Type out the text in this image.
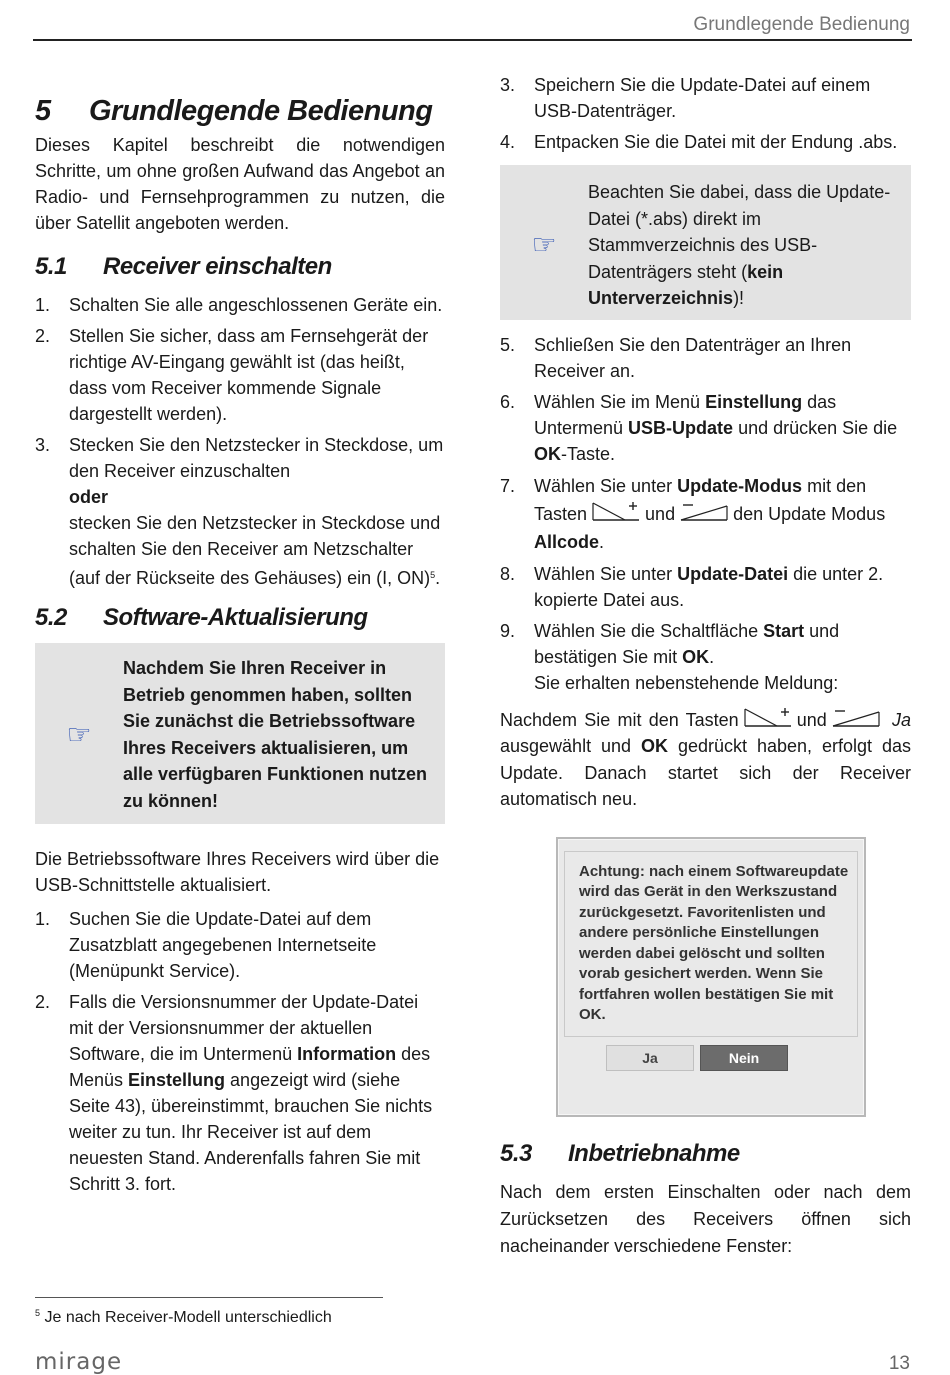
Grundlegende Bedienung
5 Grundlegende Bedienung

Dieses Kapitel beschreibt die notwendigen Schritte, um ohne großen Aufwand das Angebot an Radio- und Fernsehprogrammen zu nutzen, die über Satellit angeboten werden.

5.1 Receiver einschalten
1. Schalten Sie alle angeschlossenen Geräte ein.
2. Stellen Sie sicher, dass am Fernsehgerät der richtige AV-Eingang gewählt ist (das heißt, dass vom Receiver kommende Signale dargestellt werden).
3. Stecken Sie den Netzstecker in Steckdose, um den Receiver einzuschalten
oder
stecken Sie den Netzstecker in Steckdose und schalten Sie den Receiver am Netzschalter (auf der Rückseite des Gehäuses) ein (I, ON)$^5$.
5.2 Software-Aktualisierung
☞
Nachdem Sie Ihren Receiver in Betrieb genommen haben, sollten Sie zunächst die Betriebssoftware Ihres Receivers aktualisieren, um alle verfügbaren Funktionen nutzen zu können!

Die Betriebssoftware Ihres Receivers wird über die USB-Schnittstelle aktualisiert.

1. Suchen Sie die Update-Datei auf dem Zusatzblatt angegebenen Internetseite (Menüpunkt Service).
2. Falls die Versionsnummer der Update-Datei mit der Versionsnummer der aktuellen Software, die im Untermenü Information des Menüs Einstellung angezeigt wird (siehe Seite 43), übereinstimmt, brauchen Sie nichts weiter zu tun. Ihr Receiver ist auf dem neuesten Stand. Anderenfalls fahren Sie mit Schritt 3. fort.
3. Speichern Sie die Update-Datei auf einem USB-Datenträger.
4. Entpacken Sie die Datei mit der Endung .abs.
☞
Beachten Sie dabei, dass die Update-Datei (*.abs) direkt im Stammverzeichnis des USB-Datenträgers steht (kein Unterverzeichnis)!
5. Schließen Sie den Datenträger an Ihren Receiver an.
6. Wählen Sie im Menü Einstellung das Untermenü USB-Update und drücken Sie die OK-Taste.
7. Wählen Sie unter Update-Modus mit den Tasten	und	den Update Modus Allcode.
8. Wählen Sie unter Update-Datei die unter 2. kopierte Datei aus.
9. Wählen Sie die Schaltfläche Start und bestätigen Sie mit OK.
Sie erhalten nebenstehende Meldung:

Nachdem Sie mit den Tasten	und	Ja ausgewählt und OK gedrückt haben, erfolgt das Update. Danach startet sich der Receiver automatisch neu.

Achtung: nach einem Softwareupdate wird das Gerät in den Werkszustand zurückgesetzt. Favoritenlisten und andere persönliche Einstellungen werden dabei gelöscht und sollten vorab gesichert werden. Wenn Sie fortfahren wollen bestätigen Sie mit OK.
Ja	Nein
5.3 Inbetriebnahme

Nach dem ersten Einschalten oder nach dem Zurücksetzen des Receivers öffnen sich nacheinander verschiedene Fenster:

$^5$ Je nach Receiver-Modell unterschiedlich
mirage	13
